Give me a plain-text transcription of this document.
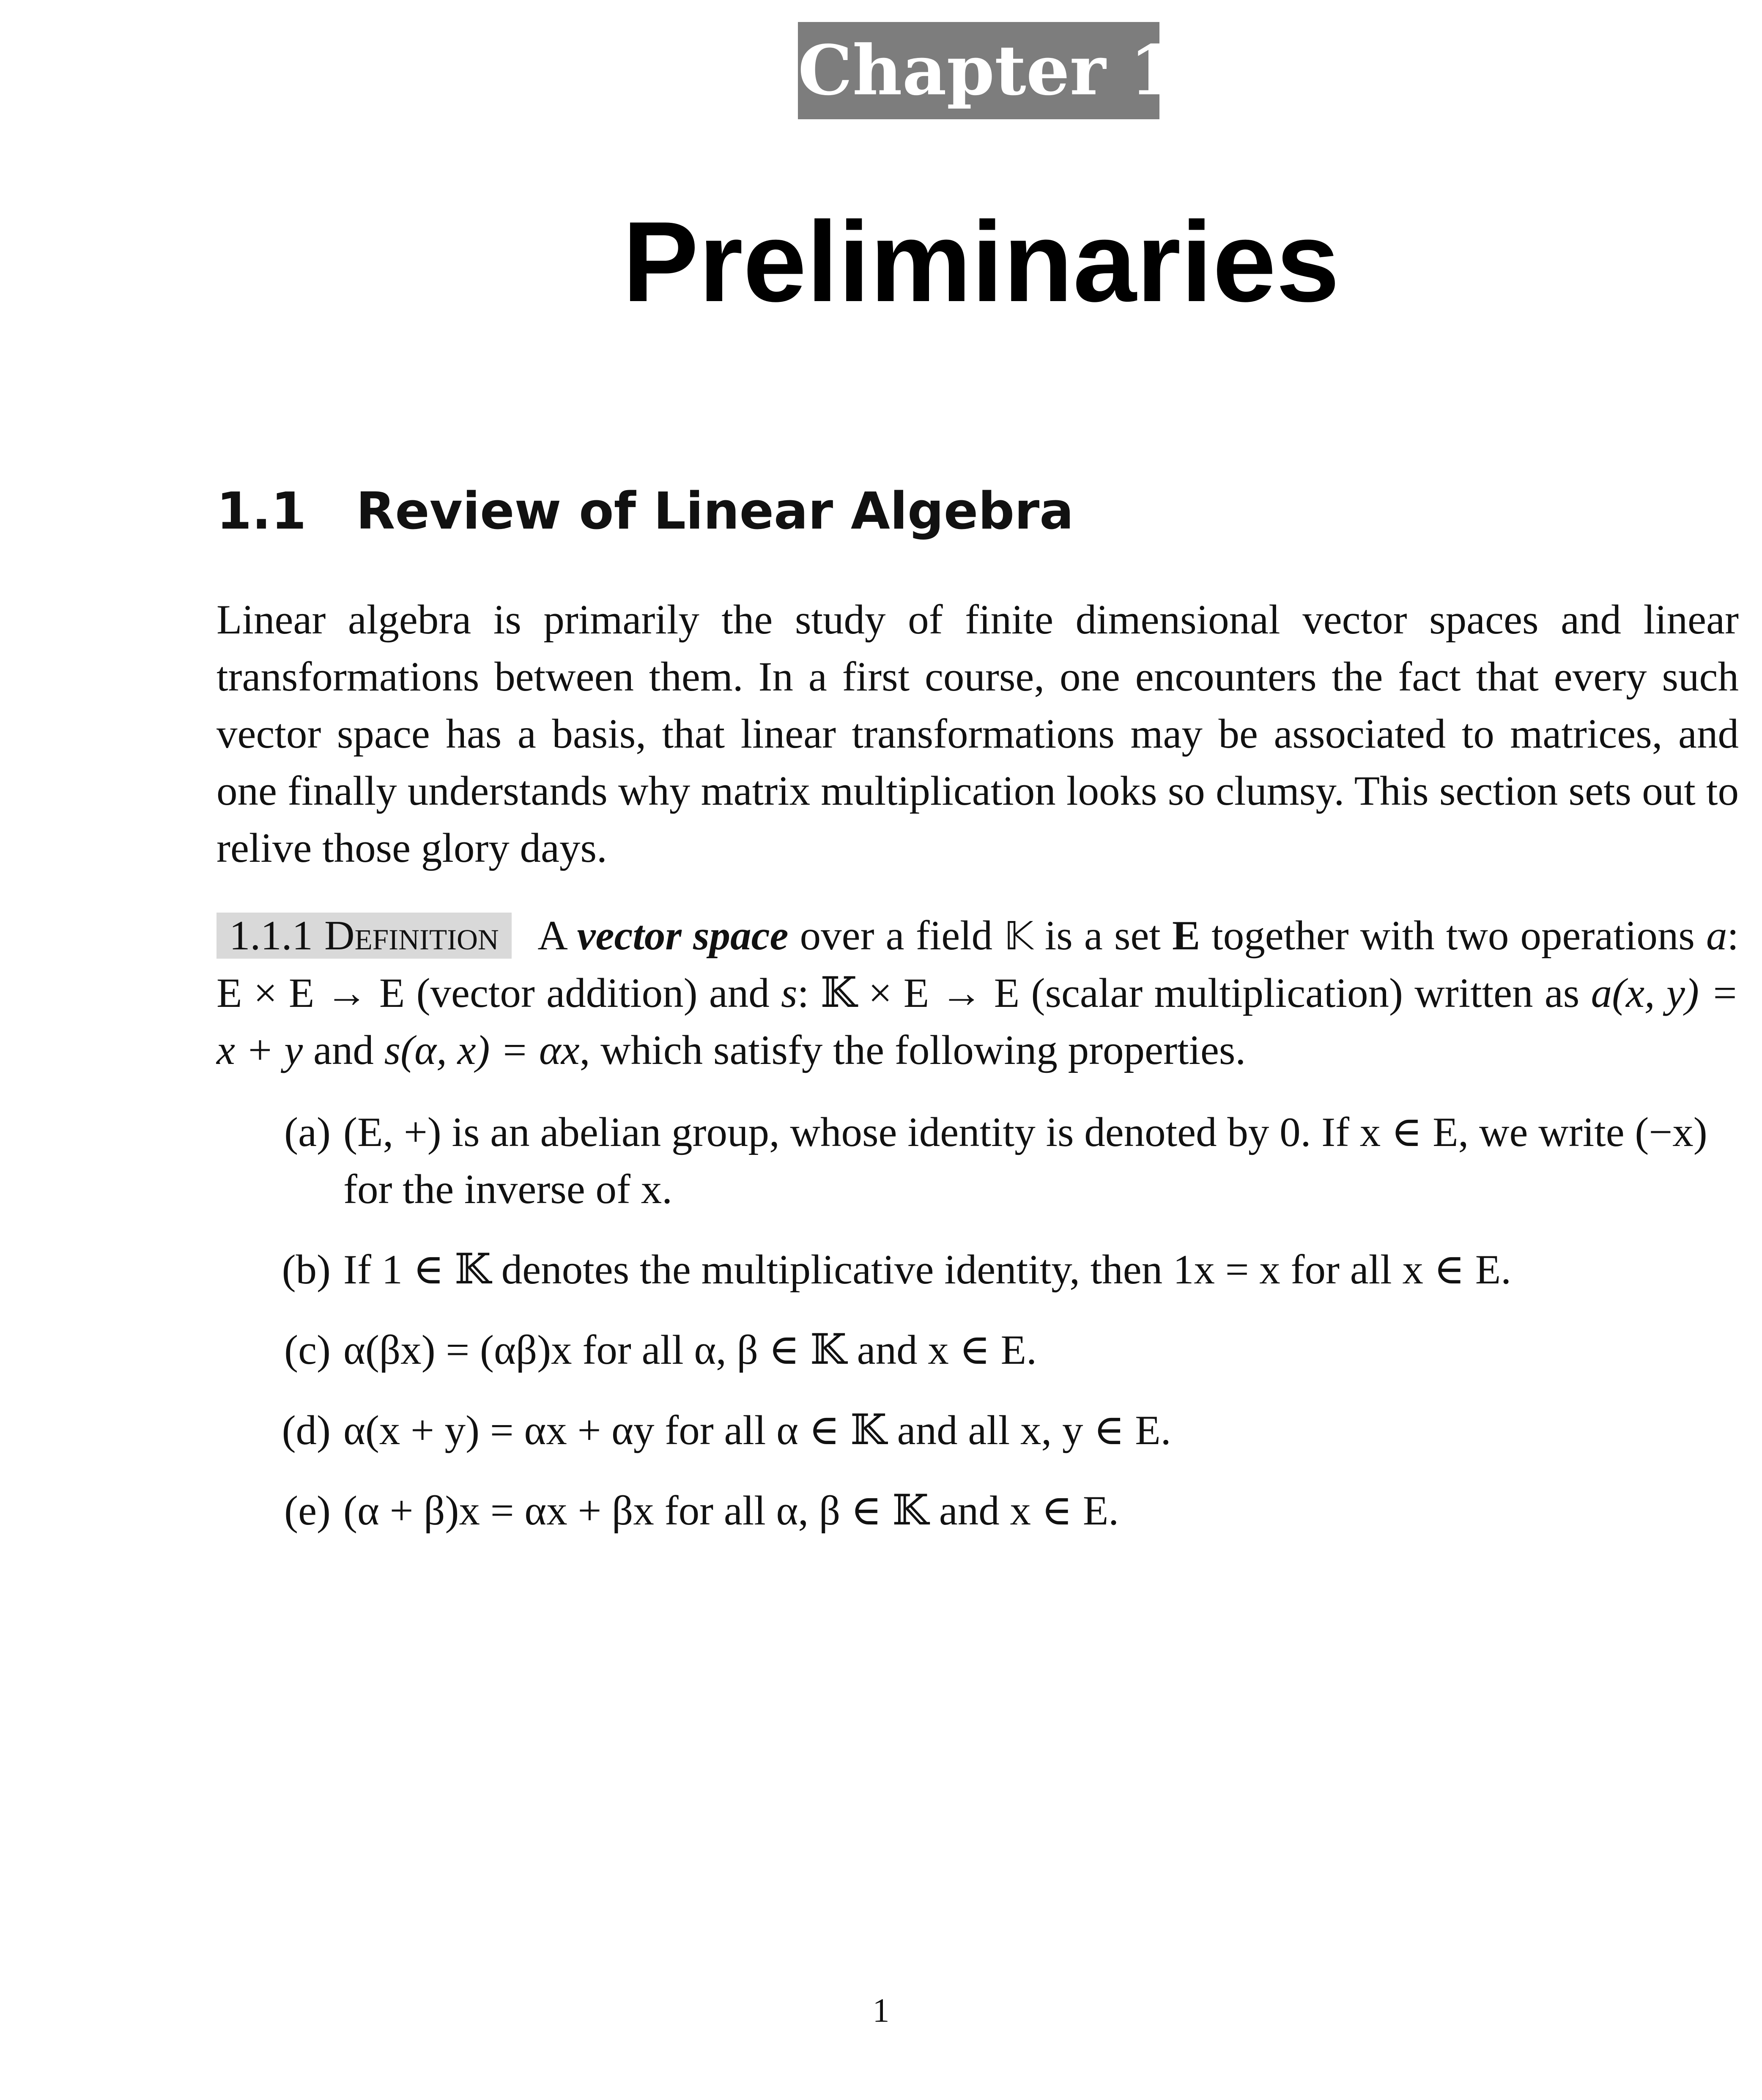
Chapter 1
Preliminaries
1.1 Review of Linear Algebra
Linear algebra is primarily the study of finite dimensional vector spaces and linear transformations between them. In a first course, one encounters the fact that every such vector space has a basis, that linear transformations may be associated to matrices, and one finally understands why matrix multiplication looks so clumsy. This section sets out to relive those glory days.
1.1.1 Definition A vector space over a field 𝕂 is a set E together with two operations a: E × E → E (vector addition) and s: 𝕂 × E → E (scalar multiplication) written as a(x, y) = x + y and s(α, x) = αx, which satisfy the following properties.
(a) (E, +) is an abelian group, whose identity is denoted by 0. If x ∈ E, we write (−x) for the inverse of x.
(b) If 1 ∈ 𝕂 denotes the multiplicative identity, then 1x = x for all x ∈ E.
(c) α(βx) = (αβ)x for all α, β ∈ 𝕂 and x ∈ E.
(d) α(x + y) = αx + αy for all α ∈ 𝕂 and all x, y ∈ E.
(e) (α + β)x = αx + βx for all α, β ∈ 𝕂 and x ∈ E.
1
